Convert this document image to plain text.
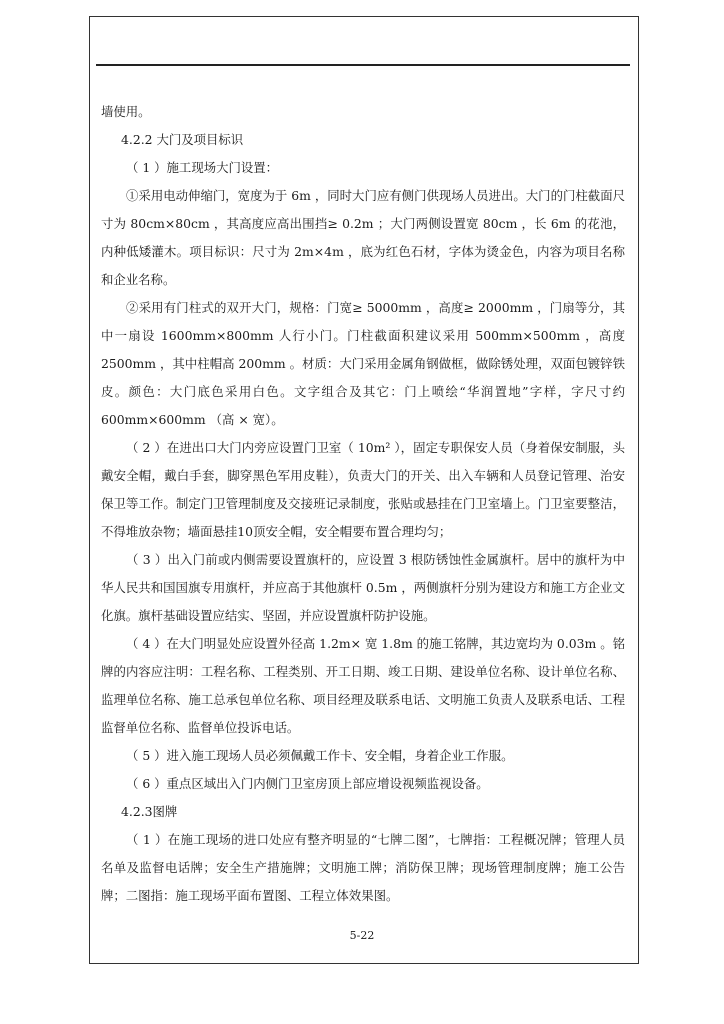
墙使用。

4.2.2 大门及项目标识

（ 1 ）施工现场大门设置：

①采用电动伸缩门，宽度为于 6m ，同时大门应有侧门供现场人员进出。大门的门柱截面尺寸为 80cm×80cm ，其高度应高出围挡≥ 0.2m ；大门两侧设置宽 80cm ，长 6m 的花池，内种低矮灌木。项目标识：尺寸为 2m×4m ，底为红色石材，字体为烫金色，内容为项目名称和企业名称。

②采用有门柱式的双开大门，规格：门宽≥ 5000mm ，高度≥ 2000mm ，门扇等分，其中一扇设 1600mm×800mm 人行小门。门柱截面积建议采用 500mm×500mm ，高度 2500mm ，其中柱帽高 200mm 。材质：大门采用金属角钢做框，做除锈处理，双面包镀锌铁皮。颜色：大门底色采用白色。文字组合及其它：门上喷绘“华润置地”字样，字尺寸约 600mm×600mm （高 × 宽）。

（ 2 ）在进出口大门内旁应设置门卫室（ 10m² ），固定专职保安人员（身着保安制服，头戴安全帽，戴白手套，脚穿黑色军用皮鞋），负责大门的开关、出入车辆和人员登记管理、治安保卫等工作。制定门卫管理制度及交接班记录制度，张贴或悬挂在门卫室墙上。门卫室要整洁，不得堆放杂物；墙面悬挂10顶安全帽，安全帽要布置合理均匀；

（ 3 ）出入门前或内侧需要设置旗杆的，应设置 3 根防锈蚀性金属旗杆。居中的旗杆为中华人民共和国国旗专用旗杆，并应高于其他旗杆 0.5m ，两侧旗杆分别为建设方和施工方企业文化旗。旗杆基础设置应结实、坚固，并应设置旗杆防护设施。

（ 4 ）在大门明显处应设置外径高 1.2m× 宽 1.8m 的施工铭牌，其边宽均为 0.03m 。铭牌的内容应注明：工程名称、工程类别、开工日期、竣工日期、建设单位名称、设计单位名称、监理单位名称、施工总承包单位名称、项目经理及联系电话、文明施工负责人及联系电话、工程监督单位名称、监督单位投诉电话。

（ 5 ）进入施工现场人员必须佩戴工作卡、安全帽，身着企业工作服。

（ 6 ）重点区域出入门内侧门卫室房顶上部应增设视频监视设备。

4.2.3图牌

（ 1 ）在施工现场的进口处应有整齐明显的“七牌二图”，七牌指：工程概况牌；管理人员名单及监督电话牌；安全生产措施牌；文明施工牌；消防保卫牌；现场管理制度牌；施工公告牌；二图指：施工现场平面布置图、工程立体效果图。

5-22
